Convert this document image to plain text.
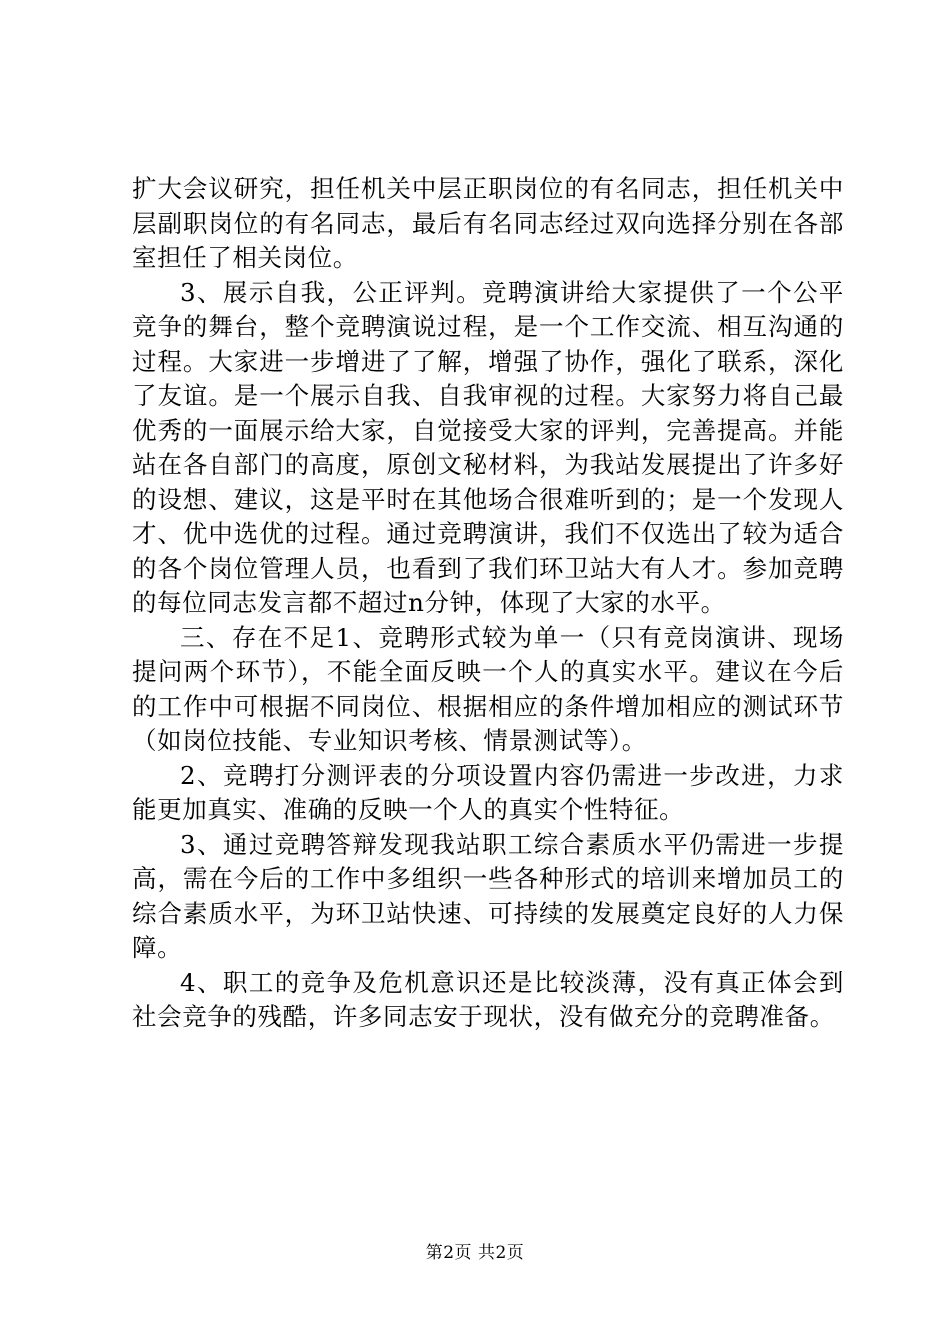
扩大会议研究，担任机关中层正职岗位的有名同志，担任机关中层副职岗位的有名同志，最后有名同志经过双向选择分别在各部室担任了相关岗位。

3、展示自我，公正评判。竞聘演讲给大家提供了一个公平竞争的舞台，整个竞聘演说过程，是一个工作交流、相互沟通的过程。大家进一步增进了了解，增强了协作，强化了联系，深化了友谊。是一个展示自我、自我审视的过程。大家努力将自己最优秀的一面展示给大家，自觉接受大家的评判，完善提高。并能站在各自部门的高度，原创文秘材料，为我站发展提出了许多好的设想、建议，这是平时在其他场合很难听到的；是一个发现人才、优中选优的过程。通过竞聘演讲，我们不仅选出了较为适合的各个岗位管理人员，也看到了我们环卫站大有人才。参加竞聘的每位同志发言都不超过n分钟，体现了大家的水平。

三、存在不足1、竞聘形式较为单一（只有竞岗演讲、现场提问两个环节），不能全面反映一个人的真实水平。建议在今后的工作中可根据不同岗位、根据相应的条件增加相应的测试环节（如岗位技能、专业知识考核、情景测试等）。

2、竞聘打分测评表的分项设置内容仍需进一步改进，力求能更加真实、准确的反映一个人的真实个性特征。

3、通过竞聘答辩发现我站职工综合素质水平仍需进一步提高，需在今后的工作中多组织一些各种形式的培训来增加员工的综合素质水平，为环卫站快速、可持续的发展奠定良好的人力保障。

4、职工的竞争及危机意识还是比较淡薄，没有真正体会到社会竞争的残酷，许多同志安于现状，没有做充分的竞聘准备。

第2页 共2页
